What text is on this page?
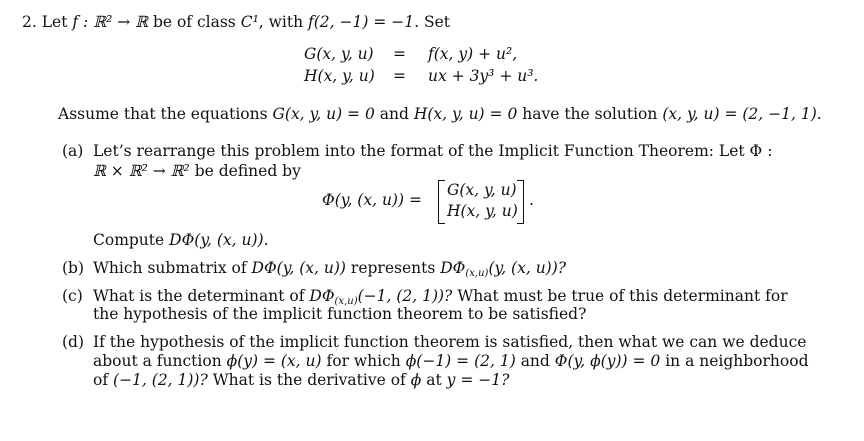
2. Let f : ℝ² → ℝ be of class C¹, with f(2, −1) = −1. Set
G(x, y, u) = f(x, y) + u²,
H(x, y, u) = ux + 3y³ + u³.
Assume that the equations G(x, y, u) = 0 and H(x, y, u) = 0 have the solution (x, y, u) = (2, −1, 1).
(a) Let’s rearrange this problem into the format of the Implicit Function Theorem: Let Φ :
ℝ × ℝ² → ℝ² be defined by
Φ(y, (x, u)) =
G(x, y, u)
H(x, y, u)
.
Compute DΦ(y, (x, u)).
(b) Which submatrix of DΦ(y, (x, u)) represents $D\Phi_{(x,u)}(y$, (x, u))?
(c) What is the determinant of $D\Phi_{(x,u)}(-1$, (2, 1))? What must be true of this determinant for
the hypothesis of the implicit function theorem to be satisfied?
(d) If the hypothesis of the implicit function theorem is satisfied, then what we can we deduce
about a function ϕ(y) = (x, u) for which ϕ(−1) = (2, 1) and Φ(y, ϕ(y)) = 0 in a neighborhood
of (−1, (2, 1))? What is the derivative of ϕ at y = −1?
